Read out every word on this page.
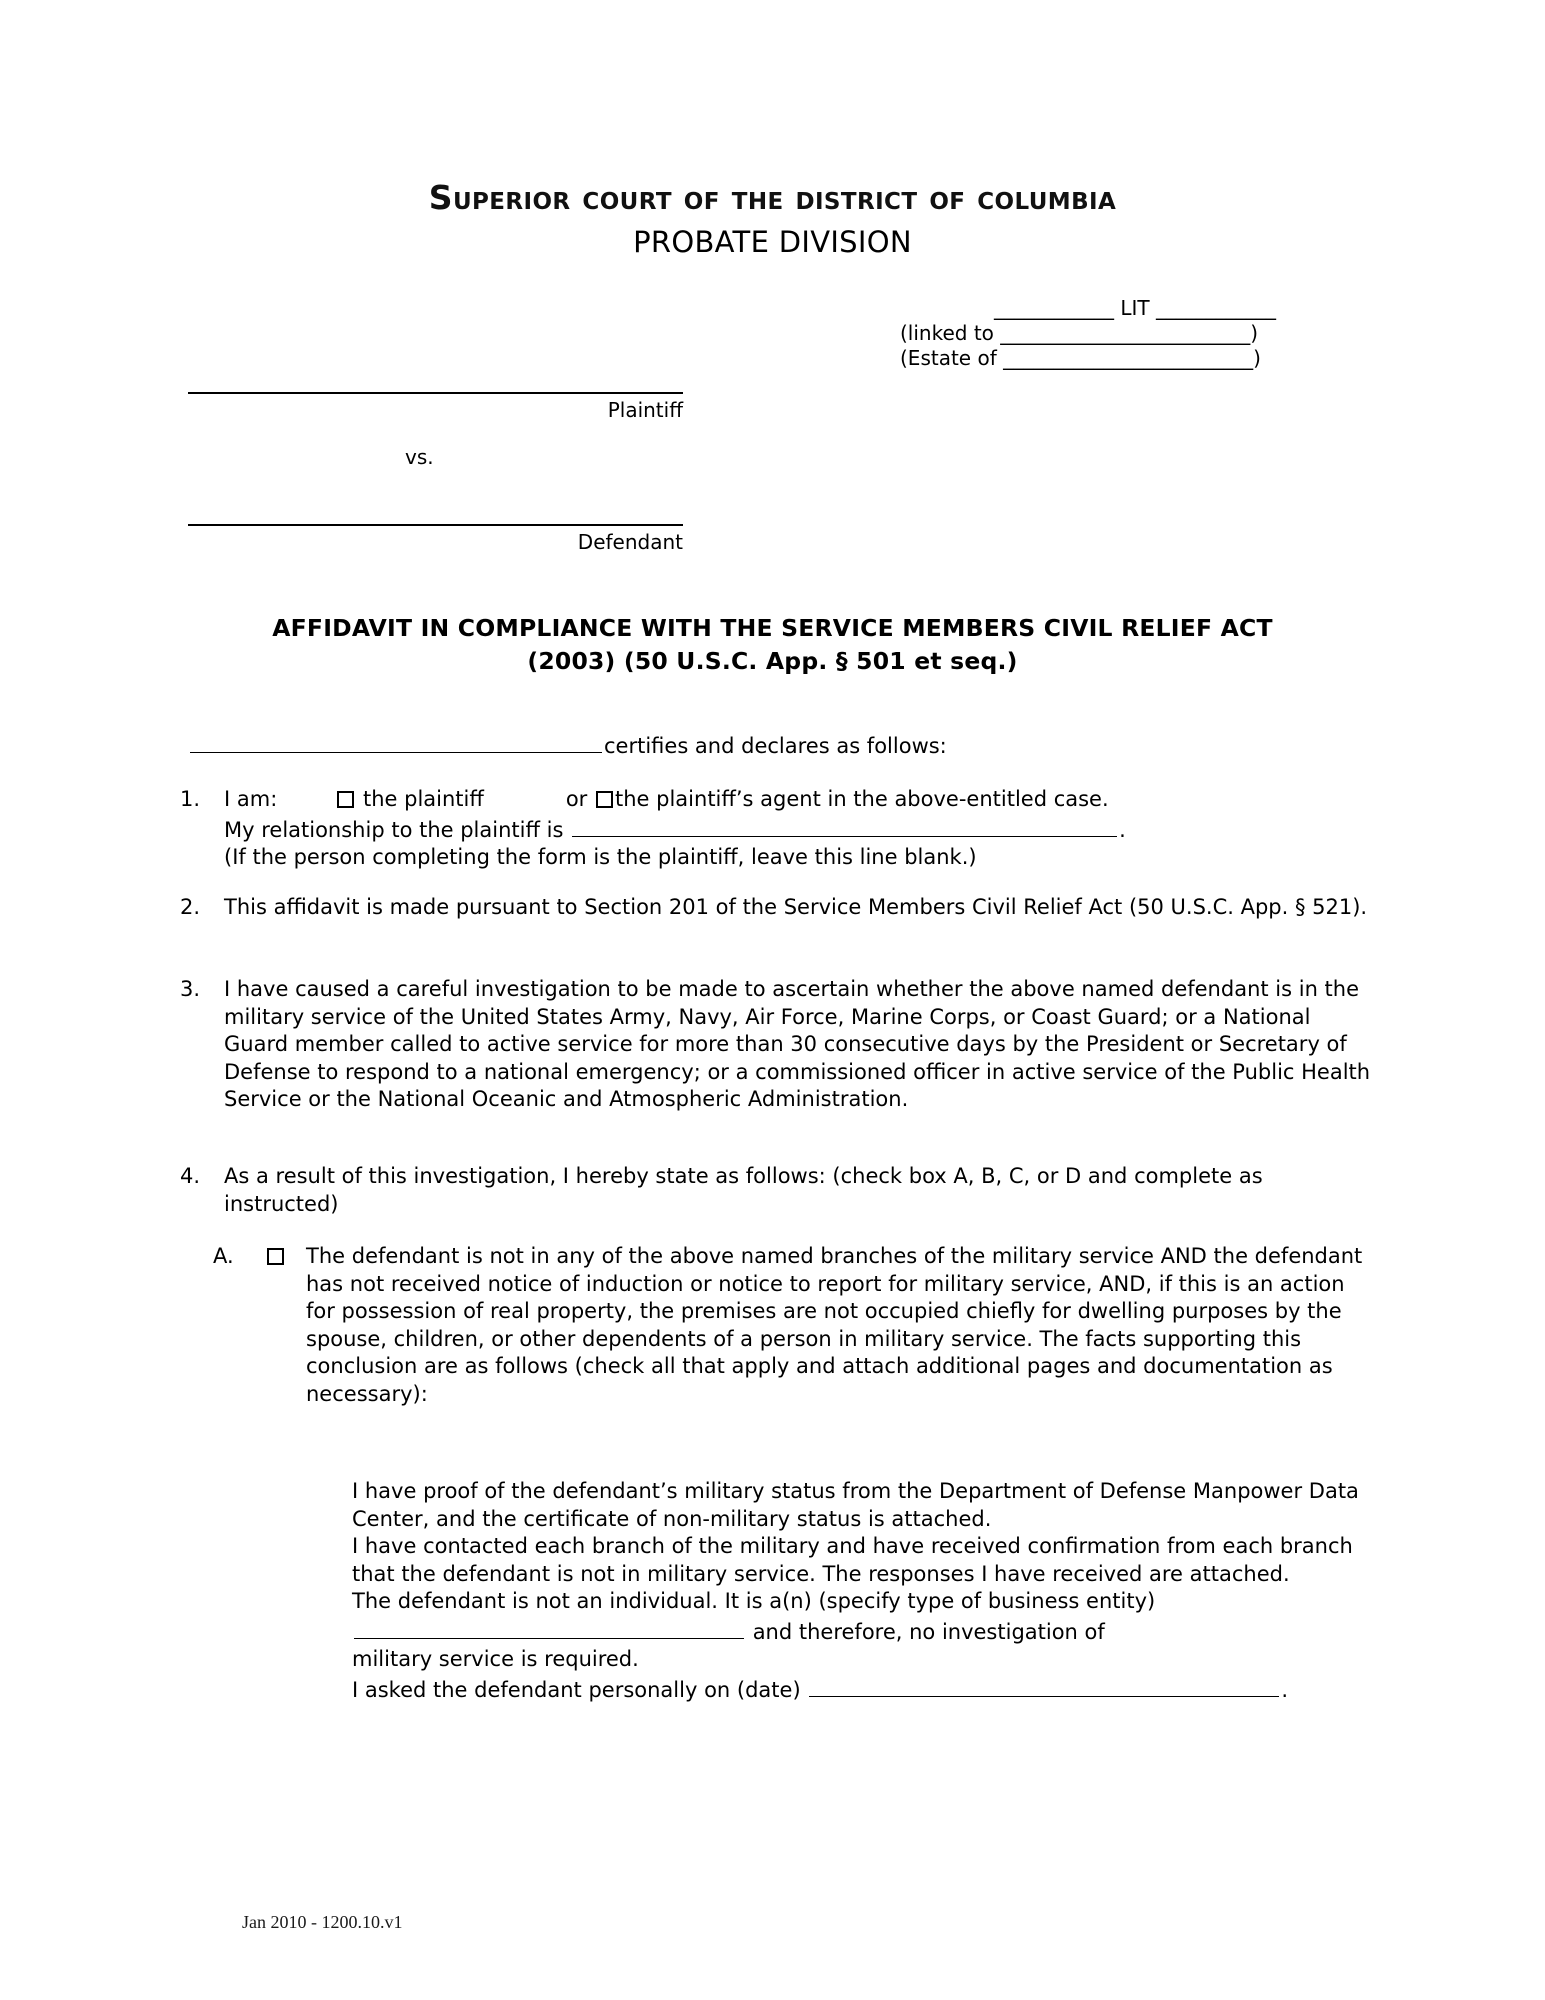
Superior court of the district of columbia
PROBATE DIVISION
____________ LIT ____________
(linked to _________________________)
(Estate of _________________________)
Plaintiff
vs.
Defendant
AFFIDAVIT IN COMPLIANCE WITH THE SERVICE MEMBERS CIVIL RELIEF ACT
(2003) (50 U.S.C. App. § 501 et seq.)
certifies and declares as follows:
1.	I am:	the plaintiff	or the plaintiff’s agent in the above-entitled case.
My relationship to the plaintiff is	.
(If the person completing the form is the plaintiff, leave this line blank.)
2.	This affidavit is made pursuant to Section 201 of the Service Members Civil Relief Act (50 U.S.C. App. § 521).
3.	I have caused a careful investigation to be made to ascertain whether the above named defendant is in the military service of the United States Army, Navy, Air Force, Marine Corps, or Coast Guard; or a National Guard member called to active service for more than 30 consecutive days by the President or Secretary of Defense to respond to a national emergency; or a commissioned officer in active service of the Public Health Service or the National Oceanic and Atmospheric Administration.
4.	As a result of this investigation, I hereby state as follows: (check box A, B, C, or D and complete as instructed)
A.	The defendant is not in any of the above named branches of the military service AND the defendant has not received notice of induction or notice to report for military service, AND, if this is an action for possession of real property, the premises are not occupied chiefly for dwelling purposes by the spouse, children, or other dependents of a person in military service. The facts supporting this conclusion are as follows (check all that apply and attach additional pages and documentation as necessary):
I have proof of the defendant’s military status from the Department of Defense Manpower Data Center, and the certificate of non-military status is attached.
I have contacted each branch of the military and have received confirmation from each branch that the defendant is not in military service. The responses I have received are attached.
The defendant is not an individual. It is a(n) (specify type of business entity)
and therefore, no investigation of
military service is required.
I asked the defendant personally on (date)	.
Jan 2010 - 1200.10.v1
